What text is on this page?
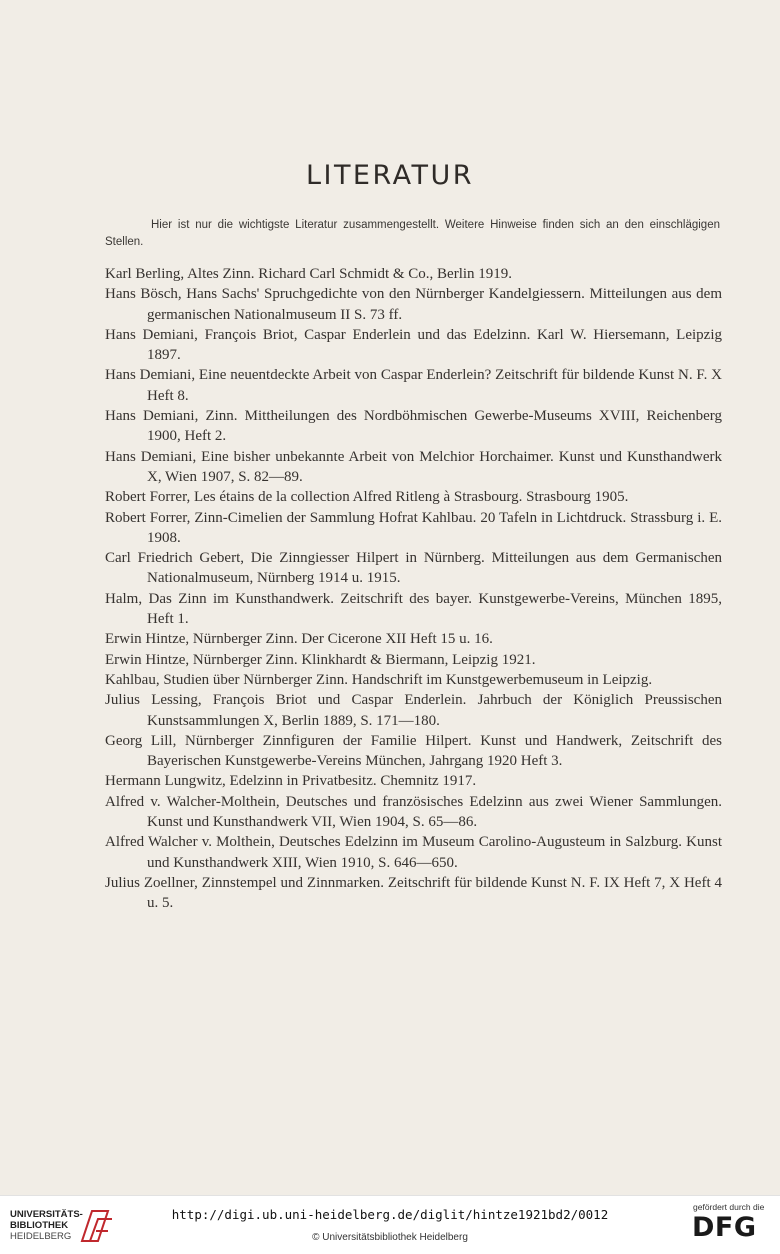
LITERATUR
Hier ist nur die wichtigste Literatur zusammengestellt. Weitere Hinweise finden sich an den einschlägigen Stellen.
Karl Berling, Altes Zinn. Richard Carl Schmidt & Co., Berlin 1919.
Hans Bösch, Hans Sachs' Spruchgedichte von den Nürnberger Kandelgiessern. Mitteilungen aus dem germanischen Nationalmuseum II S. 73 ff.
Hans Demiani, François Briot, Caspar Enderlein und das Edelzinn. Karl W. Hiersemann, Leipzig 1897.
Hans Demiani, Eine neuentdeckte Arbeit von Caspar Enderlein? Zeitschrift für bildende Kunst N. F. X Heft 8.
Hans Demiani, Zinn. Mittheilungen des Nordböhmischen Gewerbe-Museums XVIII, Reichenberg 1900, Heft 2.
Hans Demiani, Eine bisher unbekannte Arbeit von Melchior Horchaimer. Kunst und Kunsthandwerk X, Wien 1907, S. 82—89.
Robert Forrer, Les étains de la collection Alfred Ritleng à Strasbourg. Strasbourg 1905.
Robert Forrer, Zinn-Cimelien der Sammlung Hofrat Kahlbau. 20 Tafeln in Lichtdruck. Strassburg i. E. 1908.
Carl Friedrich Gebert, Die Zinngiesser Hilpert in Nürnberg. Mitteilungen aus dem Germanischen Nationalmuseum, Nürnberg 1914 u. 1915.
Halm, Das Zinn im Kunsthandwerk. Zeitschrift des bayer. Kunstgewerbe-Vereins, München 1895, Heft 1.
Erwin Hintze, Nürnberger Zinn. Der Cicerone XII Heft 15 u. 16.
Erwin Hintze, Nürnberger Zinn. Klinkhardt & Biermann, Leipzig 1921.
Kahlbau, Studien über Nürnberger Zinn. Handschrift im Kunstgewerbemuseum in Leipzig.
Julius Lessing, François Briot und Caspar Enderlein. Jahrbuch der Königlich Preussischen Kunstsammlungen X, Berlin 1889, S. 171—180.
Georg Lill, Nürnberger Zinnfiguren der Familie Hilpert. Kunst und Handwerk, Zeitschrift des Bayerischen Kunstgewerbe-Vereins München, Jahrgang 1920 Heft 3.
Hermann Lungwitz, Edelzinn in Privatbesitz. Chemnitz 1917.
Alfred v. Walcher-Molthein, Deutsches und französisches Edelzinn aus zwei Wiener Sammlungen. Kunst und Kunsthandwerk VII, Wien 1904, S. 65—86.
Alfred Walcher v. Molthein, Deutsches Edelzinn im Museum Carolino-Augusteum in Salzburg. Kunst und Kunsthandwerk XIII, Wien 1910, S. 646—650.
Julius Zoellner, Zinnstempel und Zinnmarken. Zeitschrift für bildende Kunst N. F. IX Heft 7, X Heft 4 u. 5.
UNIVERSITÄTS-
BIBLIOTHEK
HEIDELBERG
http://digi.ub.uni-heidelberg.de/diglit/hintze1921bd2/0012
© Universitätsbibliothek Heidelberg
gefördert durch die
DFG
